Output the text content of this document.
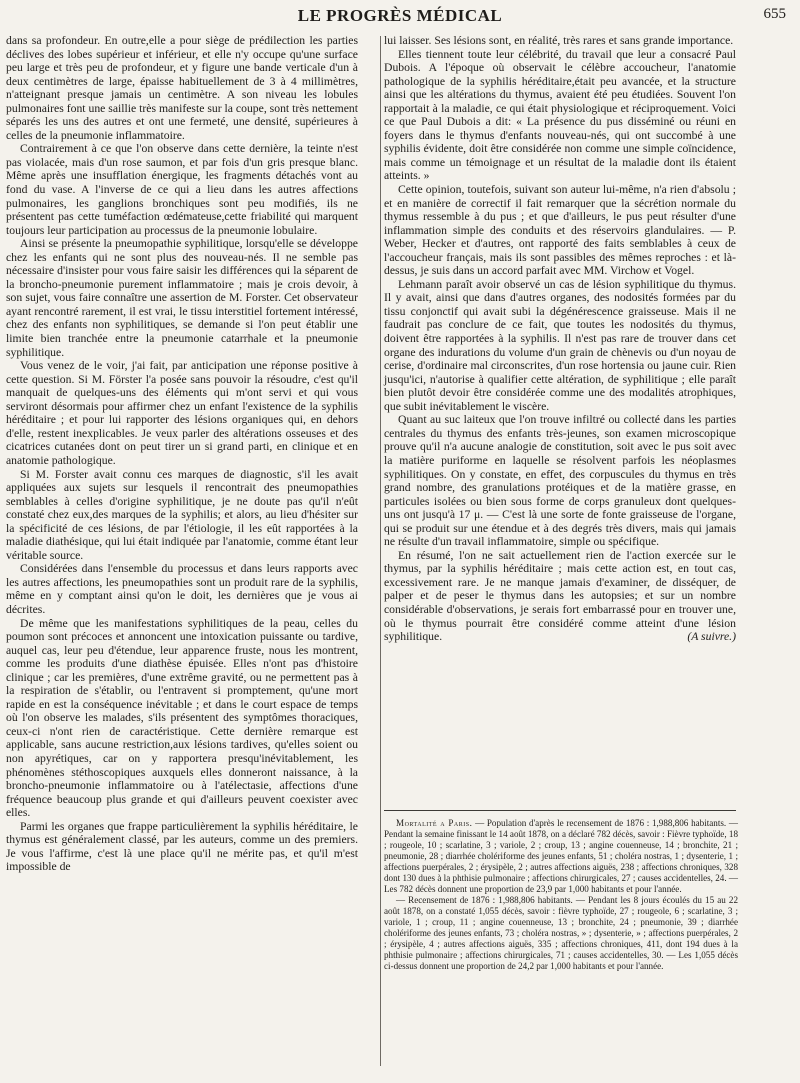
LE PROGRÈS MÉDICAL	655

dans sa profondeur. En outre,elle a pour siège de prédilection les parties déclives des lobes supérieur et inférieur, et elle n'y occupe qu'une surface peu large et très peu de profondeur, et y figure une bande verticale d'un à deux centimètres de large, épaisse habituellement de 3 à 4 millimètres, n'atteignant presque jamais un centimètre. A son niveau les lobules pulmonaires font une saillie très manifeste sur la coupe, sont très nettement séparés les uns des autres et ont une fermeté, une densité, supérieures à celles de la pneumonie inflammatoire.

Contrairement à ce que l'on observe dans cette dernière, la teinte n'est pas violacée, mais d'un rose saumon, et par fois d'un gris presque blanc. Même après une insufflation énergique, les fragments détachés vont au fond du vase. A l'inverse de ce qui a lieu dans les autres affections pulmonaires, les ganglions bronchiques sont peu modifiés, ils ne présentent pas cette tuméfaction œdémateuse,cette friabilité qui marquent toujours leur participation au processus de la pneumonie lobulaire.

Ainsi se présente la pneumopathie syphilitique, lorsqu'elle se développe chez les enfants qui ne sont plus des nouveau-nés. Il ne semble pas nécessaire d'insister pour vous faire saisir les différences qui la séparent de la broncho-pneumonie purement inflammatoire ; mais je crois devoir, à son sujet, vous faire connaître une assertion de M. Forster. Cet observateur ayant rencontré rarement, il est vrai, le tissu interstitiel fortement intéressé, chez des enfants non syphilitiques, se demande si l'on peut établir une limite bien tranchée entre la pneumonie catarrhale et la pneumonie syphilitique.

Vous venez de le voir, j'ai fait, par anticipation une réponse positive à cette question. Si M. Förster l'a posée sans pouvoir la résoudre, c'est qu'il manquait de quelques-uns des éléments qui m'ont servi et qui vous serviront désormais pour affirmer chez un enfant l'existence de la syphilis héréditaire ; et pour lui rapporter des lésions organiques qui, en dehors d'elle, restent inexplicables. Je veux parler des altérations osseuses et des cicatrices cutanées dont on peut tirer un si grand parti, en clinique et en anatomie pathologique.

Si M. Forster avait connu ces marques de diagnostic, s'il les avait appliquées aux sujets sur lesquels il rencontrait des pneumopathies semblables à celles d'origine syphilitique, je ne doute pas qu'il n'eût constaté chez eux,des marques de la syphilis; et alors, au lieu d'hésiter sur la spécificité de ces lésions, de par l'étiologie, il les eût rapportées à la maladie diathésique, qui lui était indiquée par l'anatomie, comme étant leur véritable source.

Considérées dans l'ensemble du processus et dans leurs rapports avec les autres affections, les pneumopathies sont un produit rare de la syphilis, même en y comptant ainsi qu'on le doit, les dernières que je vous ai décrites.

De même que les manifestations syphilitiques de la peau, celles du poumon sont précoces et annoncent une intoxication puissante ou tardive, auquel cas, leur peu d'étendue, leur apparence fruste, nous les montrent, comme les produits d'une diathèse épuisée. Elles n'ont pas d'histoire clinique ; car les premières, d'une extrême gravité, ou ne permettent pas à la respiration de s'établir, ou l'entravent si promptement, qu'une mort rapide en est la conséquence inévitable ; et dans le court espace de temps où l'on observe les malades, s'ils présentent des symptômes thoraciques, ceux-ci n'ont rien de caractéristique. Cette dernière remarque est applicable, sans aucune restriction,aux lésions tardives, qu'elles soient ou non apyrétiques, car on y rapportera presqu'inévitablement, les phénomènes stéthoscopiques auxquels elles donneront naissance, à la broncho-pneumonie inflammatoire ou à l'atélectasie, affections d'une fréquence beaucoup plus grande et qui d'ailleurs peuvent coexister avec elles.

Parmi les organes que frappe particulièrement la syphilis héréditaire, le thymus est généralement classé, par les auteurs, comme un des premiers. Je vous l'affirme, c'est là une place qu'il ne mérite pas, et qu'il m'est impossible de

lui laisser. Ses lésions sont, en réalité, très rares et sans grande importance.

Elles tiennent toute leur célébrité, du travail que leur a consacré Paul Dubois. A l'époque où observait le célèbre accoucheur, l'anatomie pathologique de la syphilis héréditaire,était peu avancée, et la structure ainsi que les altérations du thymus, avaient été peu étudiées. Souvent l'on rapportait à la maladie, ce qui était physiologique et réciproquement. Voici ce que Paul Dubois a dit: « La présence du pus disséminé ou réuni en foyers dans le thymus d'enfants nouveau-nés, qui ont succombé à une syphilis évidente, doit être considérée non comme une simple coïncidence, mais comme un témoignage et un résultat de la maladie dont ils étaient atteints. »

Cette opinion, toutefois, suivant son auteur lui-même, n'a rien d'absolu ; et en manière de correctif il fait remarquer que la sécrétion normale du thymus ressemble à du pus ; et que d'ailleurs, le pus peut résulter d'une inflammation simple des conduits et des réservoirs glandulaires. — P. Weber, Hecker et d'autres, ont rapporté des faits semblables à ceux de l'accoucheur français, mais ils sont passibles des mêmes reproches : et là-dessus, je suis dans un accord parfait avec MM. Virchow et Vogel.

Lehmann paraît avoir observé un cas de lésion syphilitique du thymus. Il y avait, ainsi que dans d'autres organes, des nodosités formées par du tissu conjonctif qui avait subi la dégénérescence graisseuse. Mais il ne faudrait pas conclure de ce fait, que toutes les nodosités du thymus, doivent être rapportées à la syphilis. Il n'est pas rare de trouver dans cet organe des indurations du volume d'un grain de chènevis ou d'un noyau de cerise, d'ordinaire mal circonscrites, d'un rose hortensia ou jaune cuir. Rien jusqu'ici, n'autorise à qualifier cette altération, de syphilitique ; elle paraît bien plutôt devoir être considérée comme une des modalités atrophiques, que subit inévitablement le viscère.

Quant au suc laiteux que l'on trouve infiltré ou collecté dans les parties centrales du thymus des enfants très-jeunes, son examen microscopique prouve qu'il n'a aucune analogie de constitution, soit avec le pus soit avec la matière puriforme en laquelle se résolvent parfois les néoplasmes syphilitiques. On y constate, en effet, des corpuscules du thymus en très grand nombre, des granulations protéiques et de la matière grasse, en particules isolées ou bien sous forme de corps granuleux dont quelques-uns ont jusqu'à 17 μ. — C'est là une sorte de fonte graisseuse de l'organe, qui se produit sur une étendue et à des degrés très divers, mais qui jamais ne résulte d'un travail inflammatoire, simple ou spécifique.

En résumé, l'on ne sait actuellement rien de l'action exercée sur le thymus, par la syphilis héréditaire ; mais cette action est, en tout cas, excessivement rare. Je ne manque jamais d'examiner, de disséquer, de palper et de peser le thymus dans les autopsies; et sur un nombre considérable d'observations, je serais fort embarrassé pour en trouver une, où le thymus pourrait être considéré comme atteint d'une lésion syphilitique.	(A suivre.)

Mortalité a Paris. — Population d'après le recensement de 1876 : 1,988,806 habitants. — Pendant la semaine finissant le 14 août 1878, on a déclaré 782 décès, savoir : Fièvre typhoïde, 18 ; rougeole, 10 ; scarlatine, 3 ; variole, 2 ; croup, 13 ; angine couenneuse, 14 ; bronchite, 21 ; pneumonie, 28 ; diarrhée cholériforme des jeunes enfants, 51 ; choléra nostras, 1 ; dysenterie, 1 ; affections puerpérales, 2 ; érysipèle, 2 ; autres affections aiguës, 238 ; affections chroniques, 328 dont 130 dues à la phthisie pulmonaire ; affections chirurgicales, 27 ; causes accidentelles, 24. — Les 782 décès donnent une proportion de 23,9 par 1,000 habitants et pour l'année.

— Recensement de 1876 : 1,988,806 habitants. — Pendant les 8 jours écoulés du 15 au 22 août 1878, on a constaté 1,055 décès, savoir : fièvre typhoïde, 27 ; rougeole, 6 ; scarlatine, 3 ; variole, 1 ; croup, 11 ; angine couenneuse, 13 ; bronchite, 24 ; pneumonie, 39 ; diarrhée cholériforme des jeunes enfants, 73 ; choléra nostras, » ; dysenterie, » ; affections puerpérales, 2 ; érysipèle, 4 ; autres affections aiguës, 335 ; affections chroniques, 411, dont 194 dues à la phthisie pulmonaire ; affections chirurgicales, 71 ; causes accidentelles, 30. — Les 1,055 décès ci-dessus donnent une proportion de 24,2 par 1,000 habitants et pour l'année.
